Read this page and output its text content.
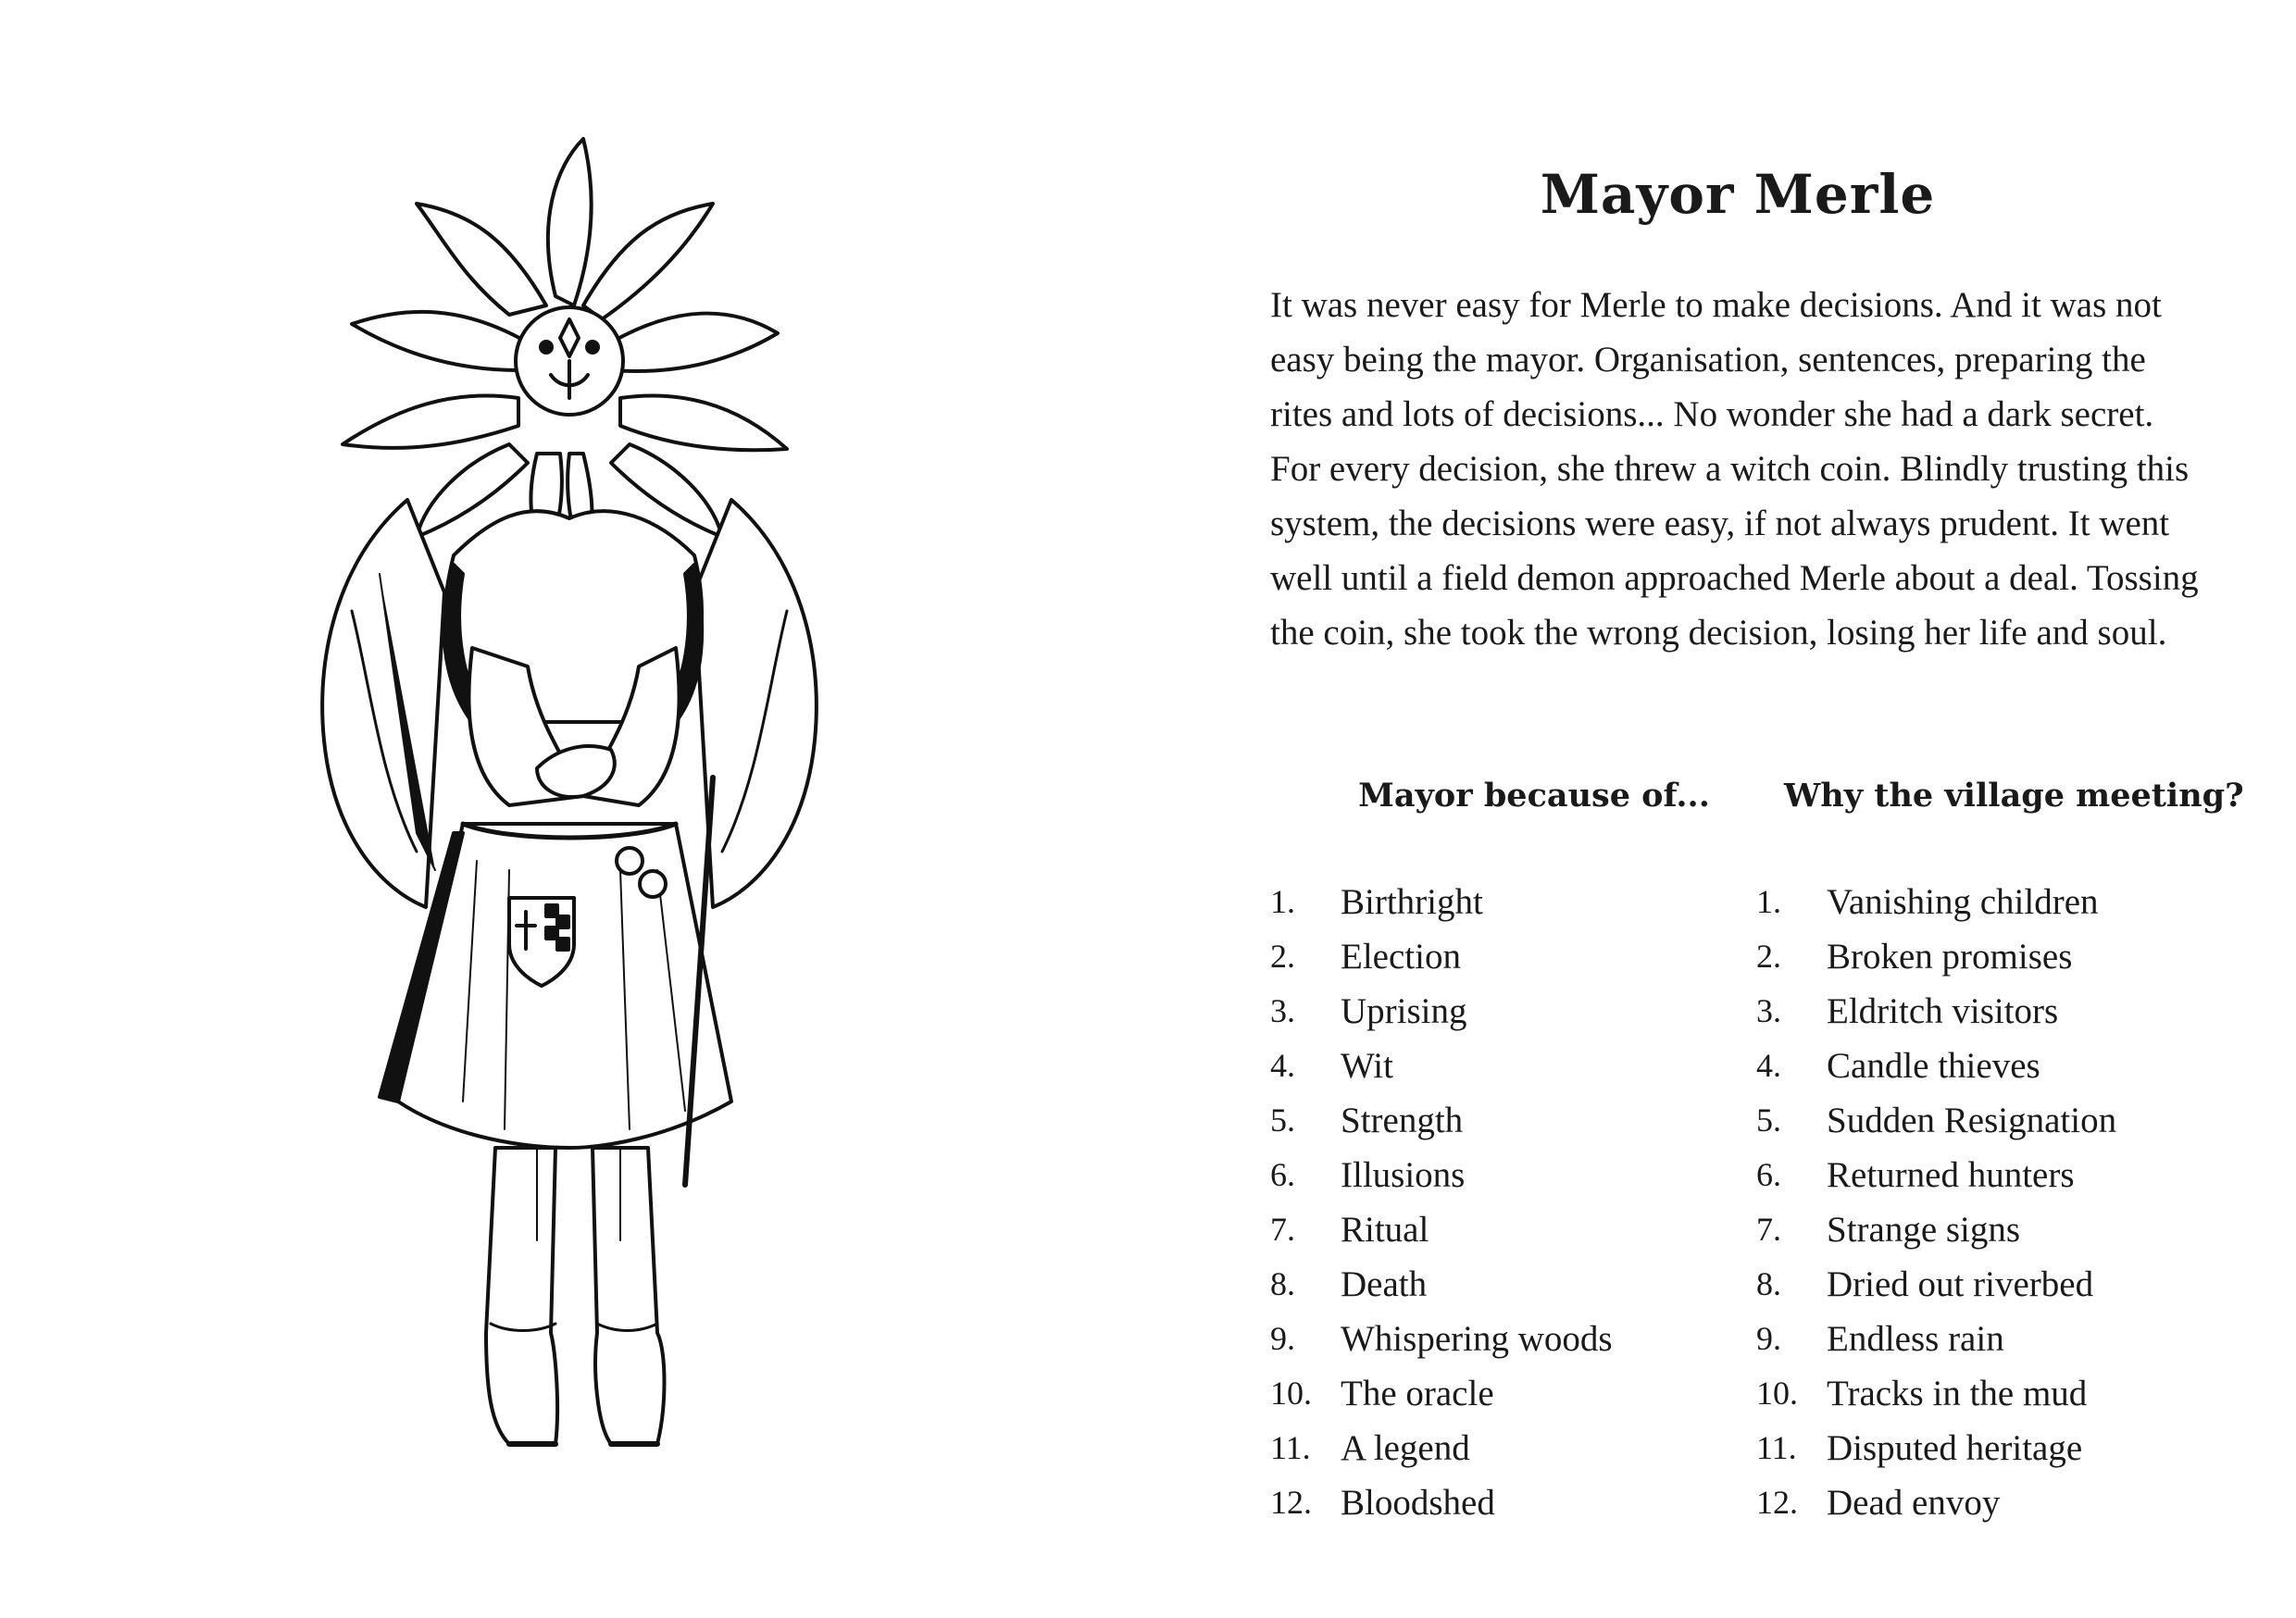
Mayor Merle

It was never easy for Merle to make decisions. And it was not easy being the mayor. Organisation, sentences, preparing the rites and lots of decisions... No wonder she had a dark secret. For every decision, she threw a witch coin. Blindly trusting this system, the decisions were easy, if not always prudent. It went well until a field demon approached Merle about a deal. Tossing the coin, she took the wrong decision, losing her life and soul.

Mayor because of...
1.	Birthright
2.	Election
3.	Uprising
4.	Wit
5.	Strength
6.	Illusions
7.	Ritual
8.	Death
9.	Whispering woods
10. The oracle
11. A legend
12. Bloodshed
Why the village meeting?
1.	Vanishing children
2.	Broken promises
3.	Eldritch visitors
4.	Candle thieves
5.	Sudden Resignation
6.	Returned hunters
7.	Strange signs
8.	Dried out riverbed
9.	Endless rain
10. Tracks in the mud
11. Disputed heritage
12. Dead envoy
